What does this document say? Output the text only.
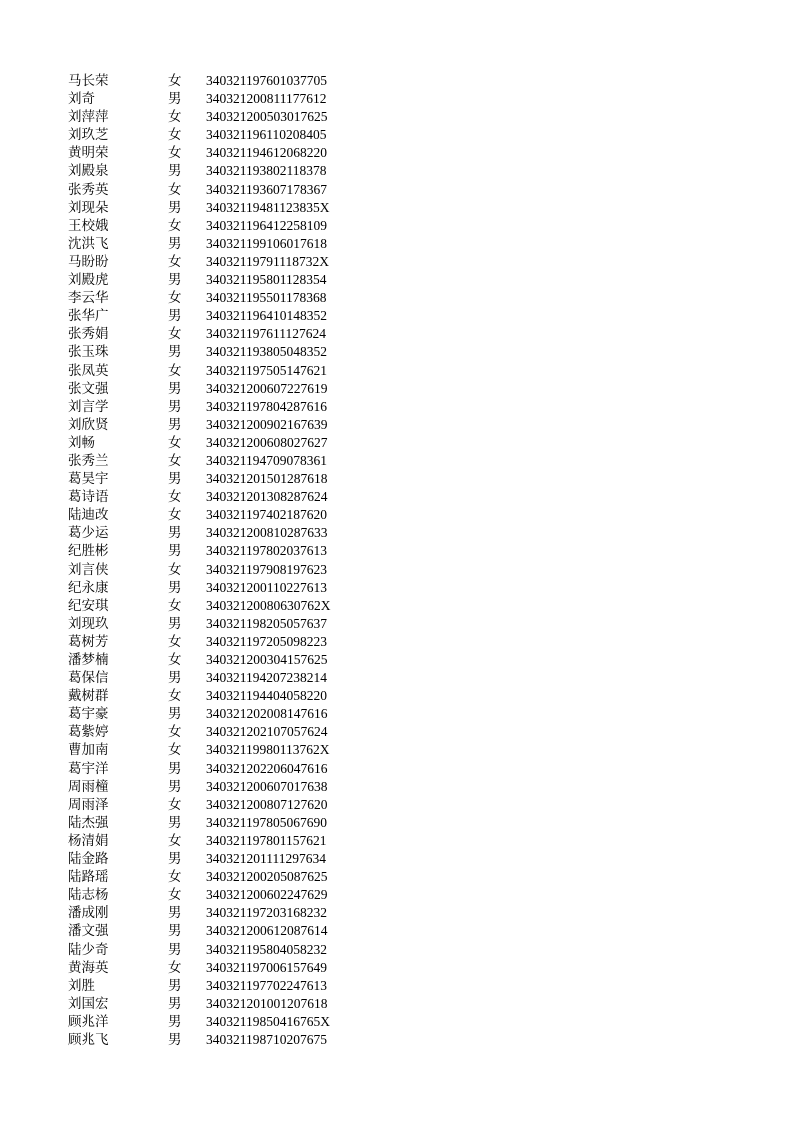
马长荣	女 340321197601037705
刘奇	男 340321200811177612
刘萍萍	女 340321200503017625
刘玖芝	女 340321196110208405
黄明荣	女 340321194612068220
刘殿泉	男 340321193802118378
张秀英	女 340321193607178367
刘现朵	男 34032119481123835X
王校娥	女 340321196412258109
沈洪飞	男 340321199106017618
马盼盼	女 34032119791118732X
刘殿虎	男 340321195801128354
李云华	女 340321195501178368
张华广	男 340321196410148352
张秀娟	女 340321197611127624
张玉珠	男 340321193805048352
张凤英	女 340321197505147621
张文强	男 340321200607227619
刘言学	男 340321197804287616
刘欣贤	男 340321200902167639
刘畅	女 340321200608027627
张秀兰	女 340321194709078361
葛昊宇	男 340321201501287618
葛诗语	女 340321201308287624
陆迪改	女 340321197402187620
葛少运	男 340321200810287633
纪胜彬	男 340321197802037613
刘言侠	女 340321197908197623
纪永康	男 340321200110227613
纪安琪	女 34032120080630762X
刘现玖	男 340321198205057637
葛树芳	女 340321197205098223
潘梦楠	女 340321200304157625
葛保信	男 340321194207238214
戴树群	女 340321194404058220
葛宇豪	男 340321202008147616
葛紫婷	女 340321202107057624
曹加南	女 34032119980113762X
葛宇洋	男 340321202206047616
周雨橦	男 340321200607017638
周雨泽	女 340321200807127620
陆杰强	男 340321197805067690
杨清娟	女 340321197801157621
陆金路	男 340321201111297634
陆路瑶	女 340321200205087625
陆志杨	女 340321200602247629
潘成刚	男 340321197203168232
潘文强	男 340321200612087614
陆少奇	男 340321195804058232
黄海英	女 340321197006157649
刘胜	男 340321197702247613
刘国宏	男 340321201001207618
顾兆洋	男 34032119850416765X
顾兆飞	男 340321198710207675
